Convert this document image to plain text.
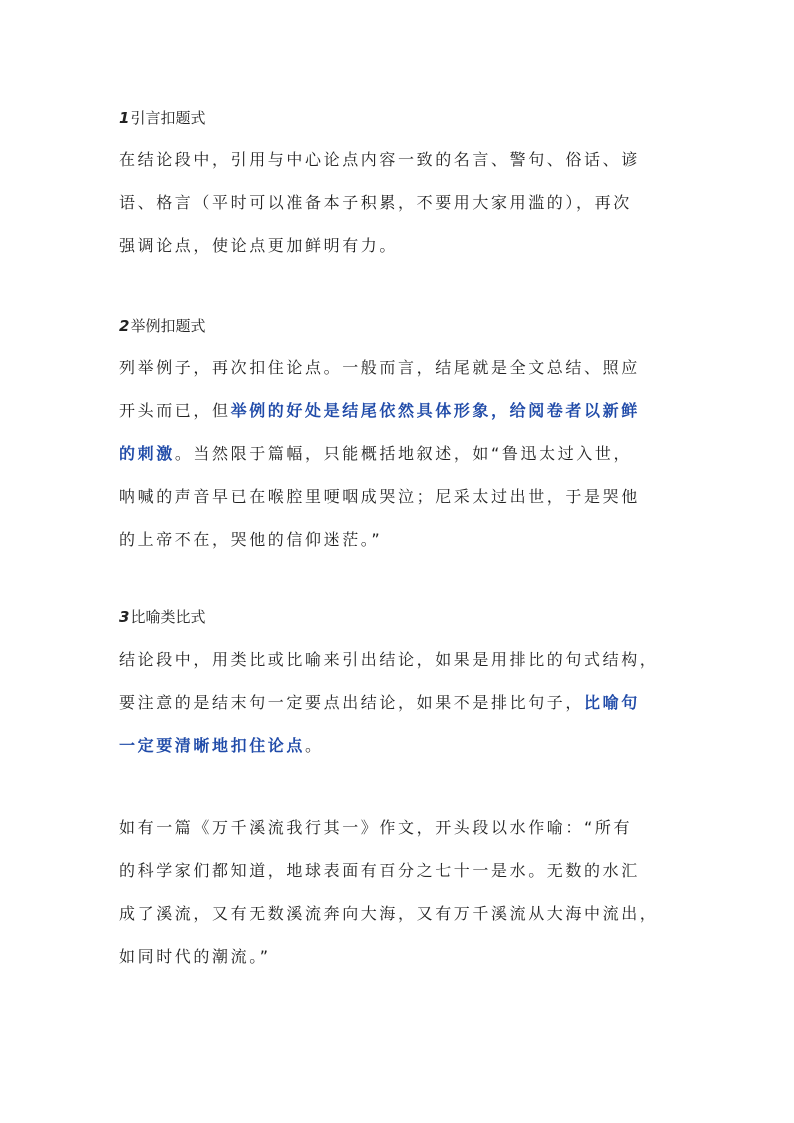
1引言扣题式
在结论段中，引用与中心论点内容一致的名言、警句、俗话、谚
语、格言（平时可以准备本子积累，不要用大家用滥的），再次
强调论点，使论点更加鲜明有力。
2举例扣题式
列举例子，再次扣住论点。一般而言，结尾就是全文总结、照应
开头而已，但举例的好处是结尾依然具体形象，给阅卷者以新鲜
的刺激。当然限于篇幅，只能概括地叙述，如“鲁迅太过入世，
呐喊的声音早已在喉腔里哽咽成哭泣；尼采太过出世，于是哭他
的上帝不在，哭他的信仰迷茫。”
3比喻类比式
结论段中，用类比或比喻来引出结论，如果是用排比的句式结构，
要注意的是结末句一定要点出结论，如果不是排比句子，比喻句
一定要清晰地扣住论点。
如有一篇《万千溪流我行其一》作文，开头段以水作喻：“所有
的科学家们都知道，地球表面有百分之七十一是水。无数的水汇
成了溪流，又有无数溪流奔向大海，又有万千溪流从大海中流出，
如同时代的潮流。”
